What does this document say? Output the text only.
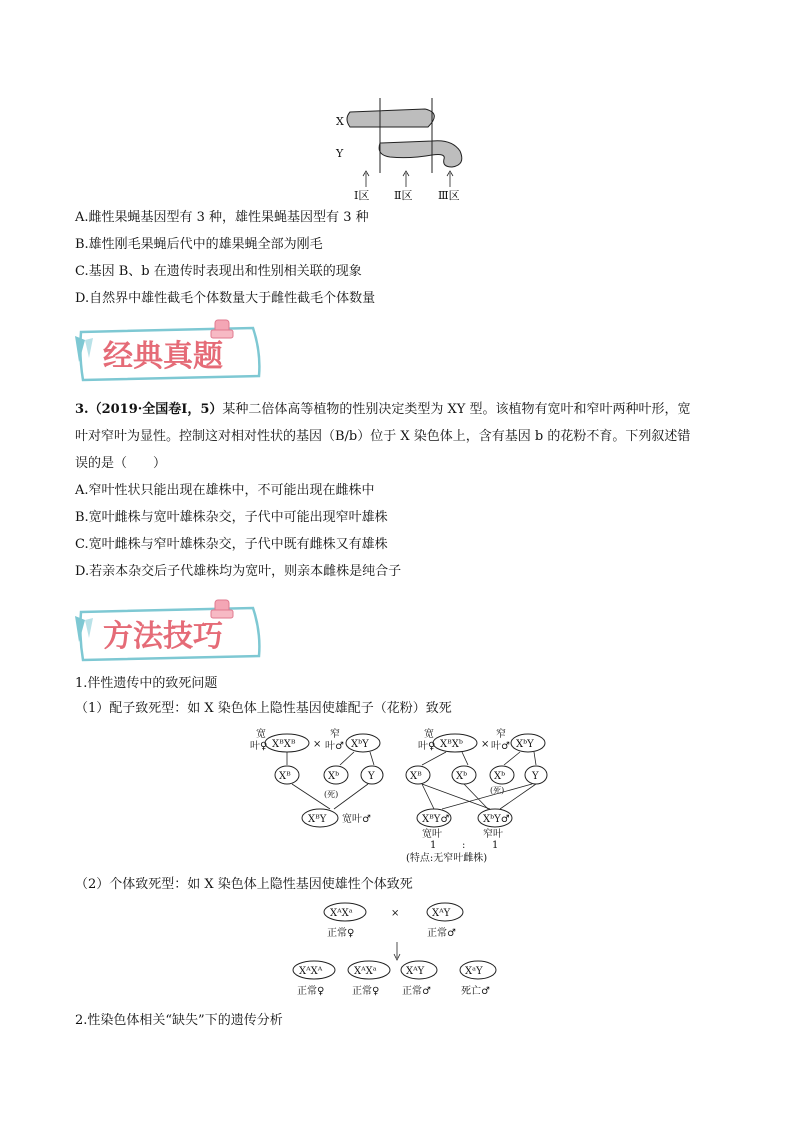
X
Y
Ⅰ区 Ⅱ区 Ⅲ区
A.雌性果蝇基因型有 3 种，雄性果蝇基因型有 3 种
B.雄性刚毛果蝇后代中的雄果蝇全部为刚毛
C.基因 B、b 在遗传时表现出和性别相关联的现象
D.自然界中雄性截毛个体数量大于雌性截毛个体数量
经典真题
3.（2019·全国卷Ⅰ，5）某种二倍体高等植物的性别决定类型为 XY 型。该植物有宽叶和窄叶两种叶形，宽
叶对窄叶为显性。控制这对相对性状的基因（B/b）位于 X 染色体上，含有基因 b 的花粉不育。下列叙述错
误的是（　　）
A.窄叶性状只能出现在雄株中，不可能出现在雌株中
B.宽叶雌株与宽叶雄株杂交，子代中可能出现窄叶雄株
C.宽叶雌株与窄叶雄株杂交，子代中既有雌株又有雄株
D.若亲本杂交后子代雄株均为宽叶，则亲本雌株是纯合子
方法技巧
1.伴性遗传中的致死问题
（1）配子致死型：如 X 染色体上隐性基因使雄配子（花粉）致死
宽
叶♀ XᴮXᴮ ×
窄
叶♂ XᵇY
Xᴮ	Xᵇ	Y
(死)
XᴮY 宽叶♂
宽
叶♀ XᴮXᵇ ×
窄
叶♂ XᵇY
Xᴮ	Xᵇ	Xᵇ	Y
(死)
XᴮY♂	XᵇY♂
宽叶	窄叶
1	:	1
(特点:无窄叶雌株)
（2）个体致死型：如 X 染色体上隐性基因使雄性个体致死
XᴬXᵃ
正常♀
×	XᴬY
正常♂
XᴬXᴬ	XᴬXᵃ	XᴬY	XᵃY
正常♀	正常♀ 正常♂	死亡♂
2.性染色体相关“缺失”下的遗传分析
